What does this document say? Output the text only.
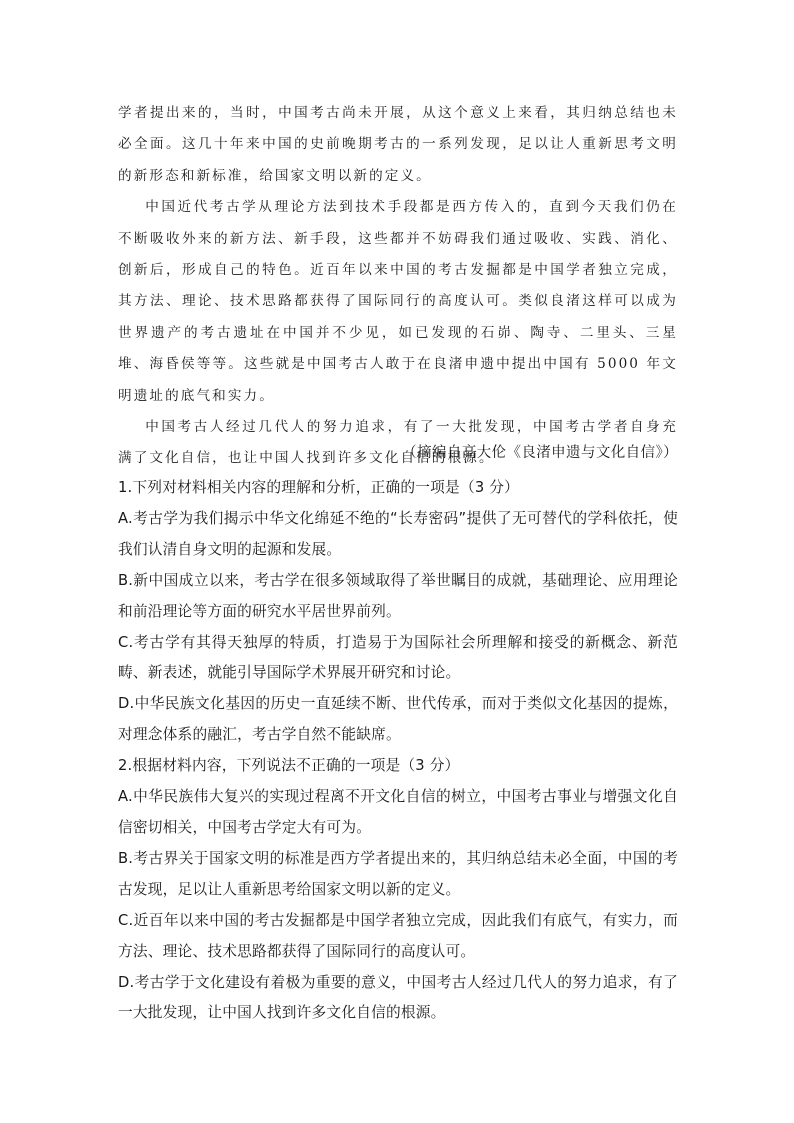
学者提出来的，当时，中国考古尚未开展，从这个意义上来看，其归纳总结也未必全面。这几十年来中国的史前晚期考古的一系列发现，足以让人重新思考文明的新形态和新标准，给国家文明以新的定义。

中国近代考古学从理论方法到技术手段都是西方传入的，直到今天我们仍在不断吸收外来的新方法、新手段，这些都并不妨碍我们通过吸收、实践、消化、创新后，形成自己的特色。近百年以来中国的考古发掘都是中国学者独立完成，其方法、理论、技术思路都获得了国际同行的高度认可。类似良渚这样可以成为世界遗产的考古遗址在中国并不少见，如已发现的石峁、陶寺、二里头、三星堆、海昏侯等等。这些就是中国考古人敢于在良渚申遗中提出中国有 5000 年文明遗址的底气和实力。

中国考古人经过几代人的努力追求，有了一大批发现，中国考古学者自身充满了文化自信，也让中国人找到许多文化自信的根源。

（摘编自高大伦《良渚申遗与文化自信》）

1.下列对材料相关内容的理解和分析，正确的一项是（3 分）

A.考古学为我们揭示中华文化绵延不绝的“长寿密码”提供了无可替代的学科依托，使我们认清自身文明的起源和发展。

B.新中国成立以来，考古学在很多领域取得了举世瞩目的成就，基础理论、应用理论和前沿理论等方面的研究水平居世界前列。

C.考古学有其得天独厚的特质，打造易于为国际社会所理解和接受的新概念、新范畴、新表述，就能引导国际学术界展开研究和讨论。

D.中华民族文化基因的历史一直延续不断、世代传承，而对于类似文化基因的提炼，对理念体系的融汇，考古学自然不能缺席。

2.根据材料内容，下列说法不正确的一项是（3 分）

A.中华民族伟大复兴的实现过程离不开文化自信的树立，中国考古事业与增强文化自信密切相关，中国考古学定大有可为。

B.考古界关于国家文明的标准是西方学者提出来的，其归纳总结未必全面，中国的考古发现，足以让人重新思考给国家文明以新的定义。

C.近百年以来中国的考古发掘都是中国学者独立完成，因此我们有底气，有实力，而方法、理论、技术思路都获得了国际同行的高度认可。

D.考古学于文化建设有着极为重要的意义，中国考古人经过几代人的努力追求，有了一大批发现，让中国人找到许多文化自信的根源。
